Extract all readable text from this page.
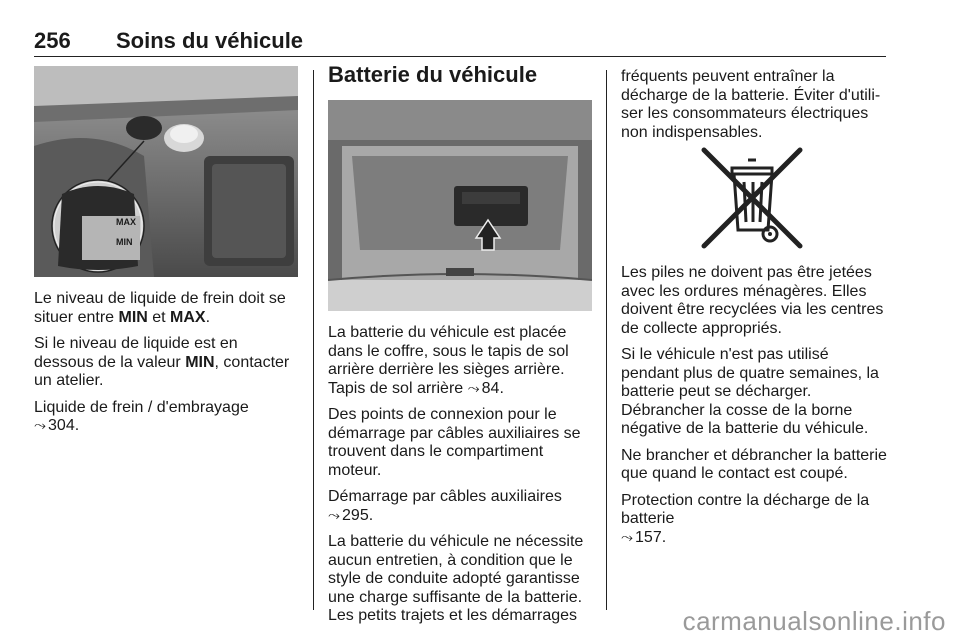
256 Soins du véhicule
MAX
MIN

Le niveau de liquide de frein doit se situer entre MIN et MAX.

Si le niveau de liquide est en dessous de la valeur MIN, contacter un atelier.

Liquide de frein / d'embrayage
⤳ 304.

Batterie du véhicule

La batterie du véhicule est placée dans le coffre, sous le tapis de sol arrière derrière les sièges arrière. Tapis de sol arrière ⤳ 84.

Des points de connexion pour le démarrage par câbles auxiliaires se trouvent dans le compartiment moteur.

Démarrage par câbles auxiliaires
⤳ 295.

La batterie du véhicule ne nécessite aucun entretien, à condition que le style de conduite adopté garantisse une charge suffisante de la batterie. Les petits trajets et les démarrages

fréquents peuvent entraîner la décharge de la batterie. Éviter d'utili-ser les consommateurs électriques non indispensables.

Les piles ne doivent pas être jetées avec les ordures ménagères. Elles doivent être recyclées via les centres de collecte appropriés.

Si le véhicule n'est pas utilisé pendant plus de quatre semaines, la batterie peut se décharger. Débrancher la cosse de la borne négative de la batterie du véhicule.

Ne brancher et débrancher la batterie que quand le contact est coupé.

Protection contre la décharge de la batterie
⤳ 157.

carmanualsonline.info
